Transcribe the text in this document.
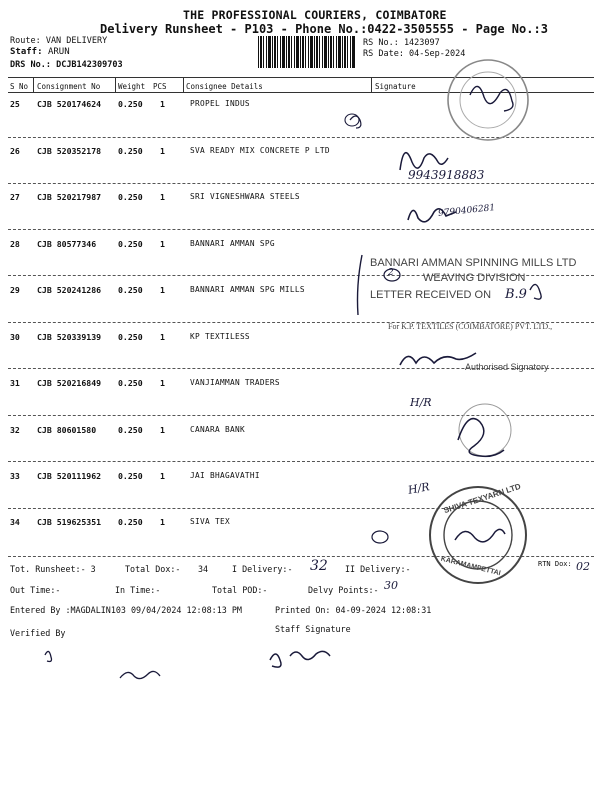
THE PROFESSIONAL COURIERS, COIMBATORE
Delivery Runsheet - P103 - Phone No.:0422-3505555 - Page No.:3
Route: VAN DELIVERY
Staff: ARUN
DRS No.: DCJB142309703
RS No.: 1423097
RS Date: 04-Sep-2024
S No Consignment No Weight PCS	Consignee Details	Signature
25 CJB 520174624 0.250 1	PROPEL INDUS
26 CJB 520352178 0.250 1	SVA READY MIX CONCRETE P LTD
27 CJB 520217987 0.250 1	SRI VIGNESHWARA STEELS
28 CJB 80577346	0.250 1	BANNARI AMMAN SPG
29 CJB 520241286 0.250 1	BANNARI AMMAN SPG MILLS
30 CJB 520339139 0.250 1	KP TEXTILESS
31 CJB 520216849 0.250 1	VANJIAMMAN TRADERS
32 CJB 80601580	0.250 1	CANARA BANK
33 CJB 520111962 0.250 1	JAI BHAGAVATHI
34 CJB 519625351 0.250 1	SIVA TEX
BANNARI AMMAN SPINNING MILLS LTD
WEAVING DIVISION
LETTER RECEIVED ON
For K.P. TEXTILES (COIMBATORE) PVT. LTD.,
Authorised Signatory
SHIVA TEXYARN LTD
KARAMAMPETTAI
9943918883
9790406281
2
B.9
H/R
H/R
Tot. Runsheet:- 3	Total Dox:- 34	I Delivery:- 32 II Delivery:-	RTN Dox: 02
Out Time:-	In Time:-	Total POD:-	Delvy Points:- 30
Entered By :MAGDALIN103 09/04/2024 12:08:13 PM	Printed On: 04-09-2024 12:08:31
Verified By	Staff Signature
